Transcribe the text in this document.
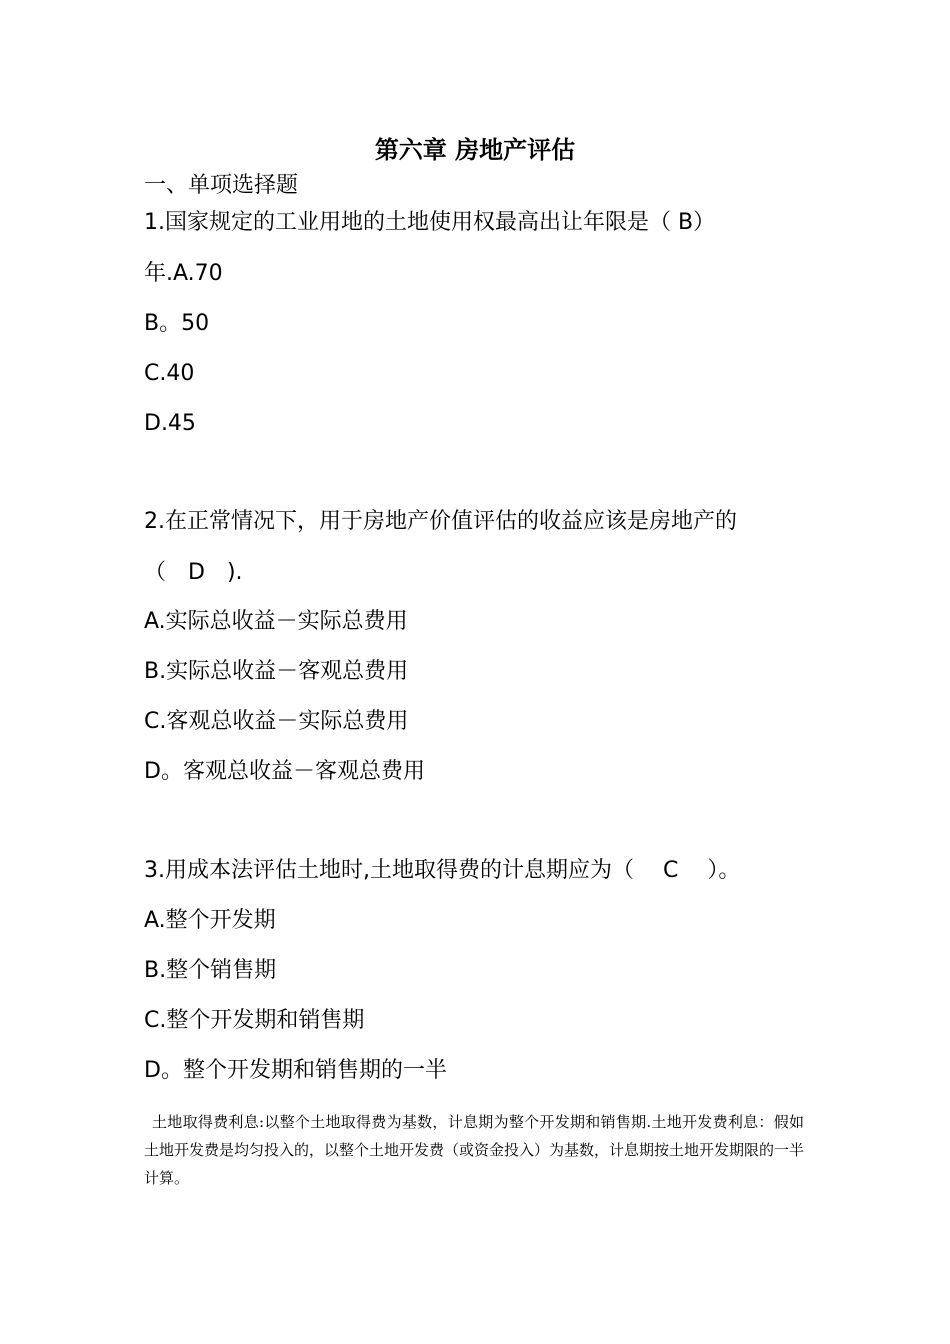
第六章 房地产评估
一、单项选择题
1.国家规定的工业用地的土地使用权最高出让年限是（ B）
年.A.70
B。50
C.40
D.45
2.在正常情况下，用于房地产价值评估的收益应该是房地产的
（　D　).
A.实际总收益－实际总费用
B.实际总收益－客观总费用
C.客观总收益－实际总费用
D。客观总收益－客观总费用
3.用成本法评估土地时,土地取得费的计息期应为（　 C　 ）。
A.整个开发期
B.整个销售期
C.整个开发期和销售期
D。整个开发期和销售期的一半
土地取得费利息:以整个土地取得费为基数，计息期为整个开发期和销售期.土地开发费利息：假如土地开发费是均匀投入的，以整个土地开发费（或资金投入）为基数，计息期按土地开发期限的一半计算。
